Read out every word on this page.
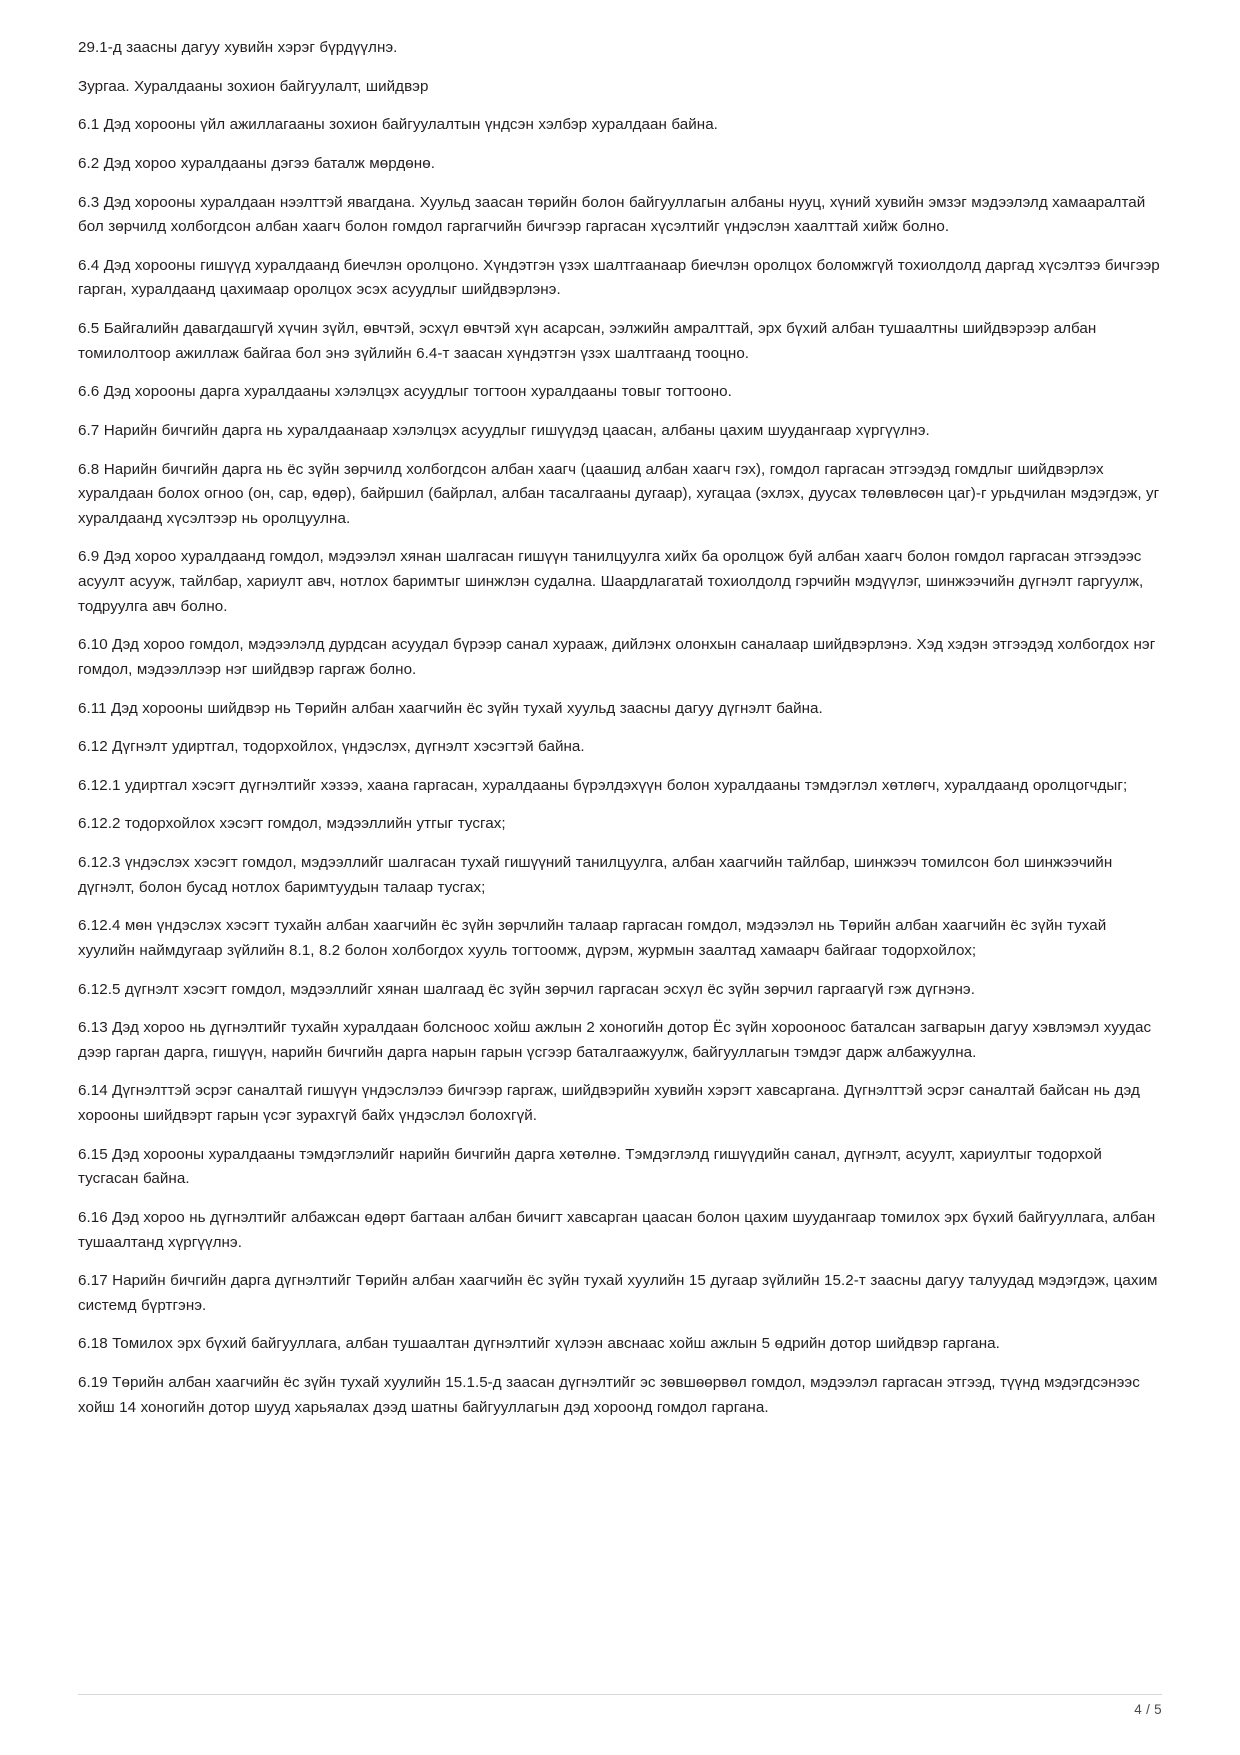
29.1-д заасны дагуу хувийн хэрэг бүрдүүлнэ.

Зургаа. Хуралдааны зохион байгуулалт, шийдвэр

6.1 Дэд хорооны үйл ажиллагааны зохион байгуулалтын үндсэн хэлбэр хуралдаан байна.

6.2 Дэд хороо хуралдааны дэгээ баталж мөрдөнө.

6.3 Дэд хорооны хуралдаан нээлттэй явагдана. Хуульд заасан төрийн болон байгууллагын албаны нууц, хүний хувийн эмзэг мэдээлэлд хамааралтай бол зөрчилд холбогдсон албан хаагч болон гомдол гаргагчийн бичгээр гаргасан хүсэлтийг үндэслэн хаалттай хийж болно.

6.4 Дэд хорооны гишүүд хуралдаанд биечлэн оролцоно. Хүндэтгэн үзэх шалтгаанаар биечлэн оролцох боломжгүй тохиолдолд даргад хүсэлтээ бичгээр гарган, хуралдаанд цахимаар оролцох эсэх асуудлыг шийдвэрлэнэ.

6.5 Байгалийн давагдашгүй хүчин зүйл, өвчтэй, эсхүл өвчтэй хүн асарсан, ээлжийн амралттай, эрх бүхий албан тушаалтны шийдвэрээр албан томилолтоор ажиллаж байгаа бол энэ зүйлийн 6.4-т заасан хүндэтгэн үзэх шалтгаанд тооцно.

6.6 Дэд хорооны дарга хуралдааны хэлэлцэх асуудлыг тогтоон хуралдааны товыг тогтооно.

6.7 Нарийн бичгийн дарга нь хуралдаанаар хэлэлцэх асуудлыг гишүүдэд цаасан, албаны цахим шуудангаар хүргүүлнэ.

6.8 Нарийн бичгийн дарга нь ёс зүйн зөрчилд холбогдсон албан хаагч (цаашид албан хаагч гэх), гомдол гаргасан этгээдэд гомдлыг шийдвэрлэх хуралдаан болох огноо (он, сар, өдөр), байршил (байрлал, албан тасалгааны дугаар), хугацаа (эхлэх, дуусах төлөвлөсөн цаг)-г урьдчилан мэдэгдэж, уг хуралдаанд хүсэлтээр нь оролцуулна.

6.9 Дэд хороо хуралдаанд гомдол, мэдээлэл хянан шалгасан гишүүн танилцуулга хийх ба оролцож буй албан хаагч болон гомдол гаргасан этгээдээс асуулт асууж, тайлбар, хариулт авч, нотлох баримтыг шинжлэн судална. Шаардлагатай тохиолдолд гэрчийн мэдүүлэг, шинжээчийн дүгнэлт гаргуулж, тодруулга авч болно.

6.10 Дэд хороо гомдол, мэдээлэлд дурдсан асуудал бүрээр санал хурааж, дийлэнх олонхын саналаар шийдвэрлэнэ. Хэд хэдэн этгээдэд холбогдох нэг гомдол, мэдээллээр нэг шийдвэр гаргаж болно.

6.11 Дэд хорооны шийдвэр нь Төрийн албан хаагчийн ёс зүйн тухай хуульд заасны дагуу дүгнэлт байна.

6.12 Дүгнэлт удиртгал, тодорхойлох, үндэслэх, дүгнэлт хэсэгтэй байна.

6.12.1 удиртгал хэсэгт дүгнэлтийг хэзээ, хаана гаргасан, хуралдааны бүрэлдэхүүн болон хуралдааны тэмдэглэл хөтлөгч, хуралдаанд оролцогчдыг;

6.12.2 тодорхойлох хэсэгт гомдол, мэдээллийн утгыг тусгах;

6.12.3 үндэслэх хэсэгт гомдол, мэдээллийг шалгасан тухай гишүүний танилцуулга, албан хаагчийн тайлбар, шинжээч томилсон бол шинжээчийн дүгнэлт, болон бусад нотлох баримтуудын талаар тусгах;

6.12.4 мөн үндэслэх хэсэгт тухайн албан хаагчийн ёс зүйн зөрчлийн талаар гаргасан гомдол, мэдээлэл нь Төрийн албан хаагчийн ёс зүйн тухай хуулийн наймдугаар зүйлийн 8.1, 8.2 болон холбогдох хууль тогтоомж, дүрэм, журмын заалтад хамаарч байгааг тодорхойлох;

6.12.5 дүгнэлт хэсэгт гомдол, мэдээллийг хянан шалгаад ёс зүйн зөрчил гаргасан эсхүл ёс зүйн зөрчил гаргаагүй гэж дүгнэнэ.

6.13 Дэд хороо нь дүгнэлтийг тухайн хуралдаан болсноос хойш ажлын 2 хоногийн дотор Ёс зүйн хорооноос баталсан загварын дагуу хэвлэмэл хуудас дээр гарган дарга, гишүүн, нарийн бичгийн дарга нарын гарын үсгээр баталгаажуулж, байгууллагын тэмдэг дарж албажуулна.

6.14 Дүгнэлттэй эсрэг саналтай гишүүн үндэслэлээ бичгээр гаргаж, шийдвэрийн хувийн хэрэгт хавсаргана. Дүгнэлттэй эсрэг саналтай байсан нь дэд хорооны шийдвэрт гарын үсэг зурахгүй байх үндэслэл болохгүй.

6.15 Дэд хорооны хуралдааны тэмдэглэлийг нарийн бичгийн дарга хөтөлнө. Тэмдэглэлд гишүүдийн санал, дүгнэлт, асуулт, хариултыг тодорхой тусгасан байна.

6.16 Дэд хороо нь дүгнэлтийг албажсан өдөрт багтаан албан бичигт хавсарган цаасан болон цахим шуудангаар томилох эрх бүхий байгууллага, албан тушаалтанд хүргүүлнэ.

6.17 Нарийн бичгийн дарга дүгнэлтийг Төрийн албан хаагчийн ёс зүйн тухай хуулийн 15 дугаар зүйлийн 15.2-т заасны дагуу талуудад мэдэгдэж, цахим системд бүртгэнэ.

6.18 Томилох эрх бүхий байгууллага, албан тушаалтан дүгнэлтийг хүлээн авснаас хойш ажлын 5 өдрийн дотор шийдвэр гаргана.

6.19 Төрийн албан хаагчийн ёс зүйн тухай хуулийн 15.1.5-д заасан дүгнэлтийг эс зөвшөөрвөл гомдол, мэдээлэл гаргасан этгээд, түүнд мэдэгдсэнээс хойш 14 хоногийн дотор шууд харьяалах дээд шатны байгууллагын дэд хороонд гомдол гаргана.

4 / 5
